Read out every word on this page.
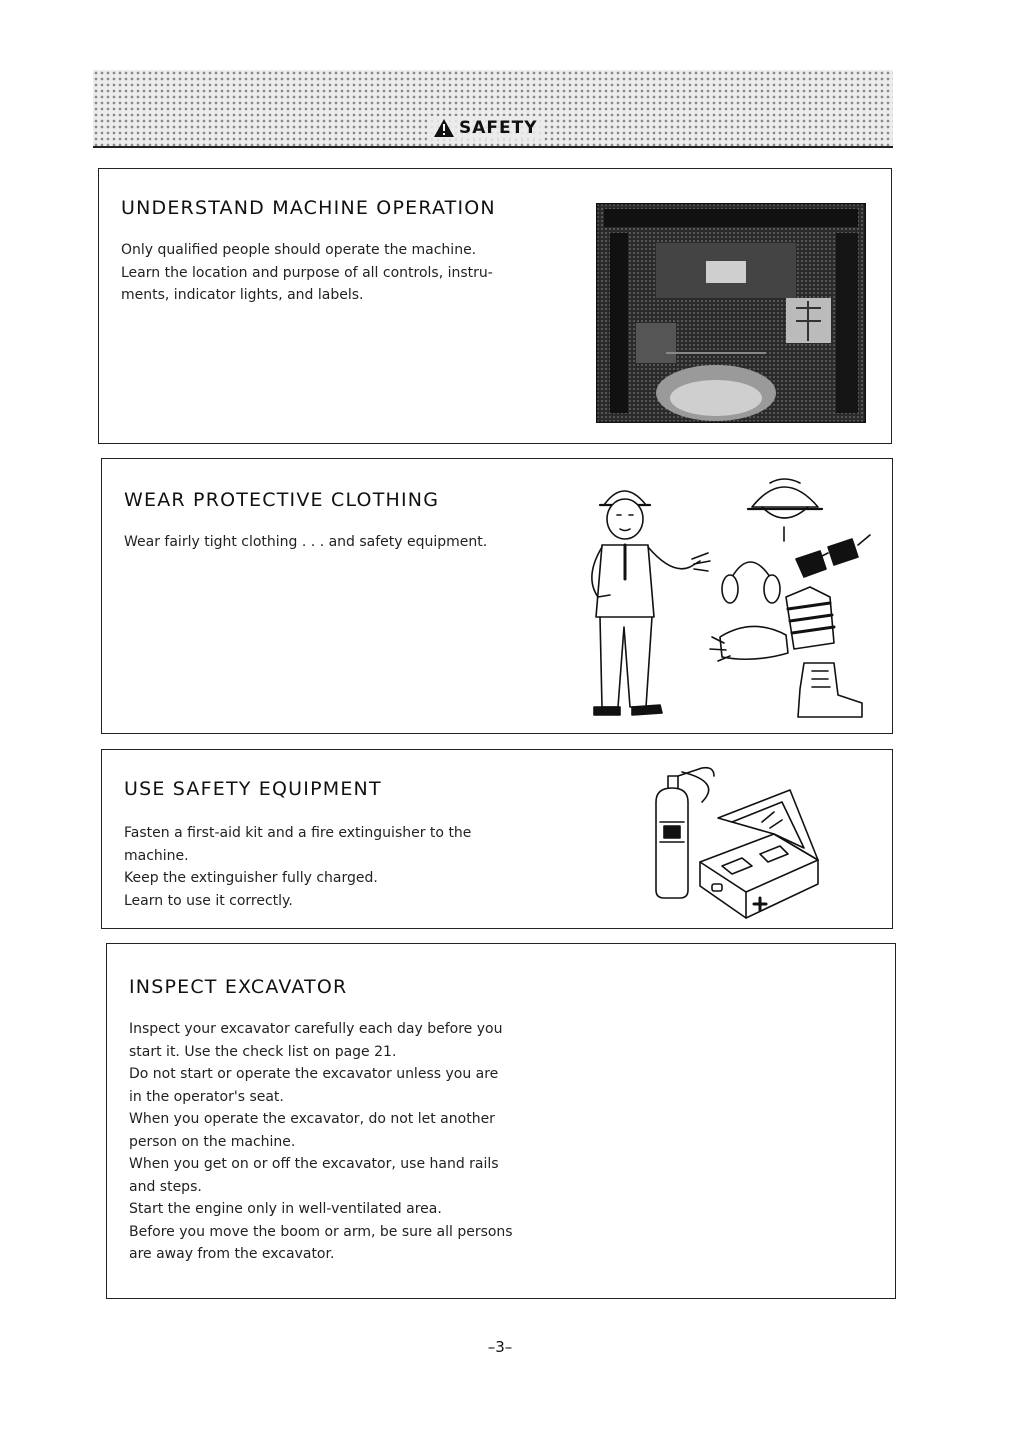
SAFETY
UNDERSTAND MACHINE OPERATION

Only qualified people should operate the machine.

Learn the location and purpose of all controls, instru-

ments, indicator lights, and labels.

WEAR PROTECTIVE CLOTHING

Wear fairly tight clothing . . . and safety equipment.

USE SAFETY EQUIPMENT

Fasten a first-aid kit and a fire extinguisher to the

machine.

Keep the extinguisher fully charged.

Learn to use it correctly.

INSPECT EXCAVATOR

Inspect your excavator carefully each day before you

start it. Use the check list on page 21.

Do not start or operate the excavator unless you are

in the operator's seat.

When you operate the excavator, do not let another

person on the machine.

When you get on or off the excavator, use hand rails

and steps.

Start the engine only in well-ventilated area.

Before you move the boom or arm, be sure all persons

are away from the excavator.

–3–
